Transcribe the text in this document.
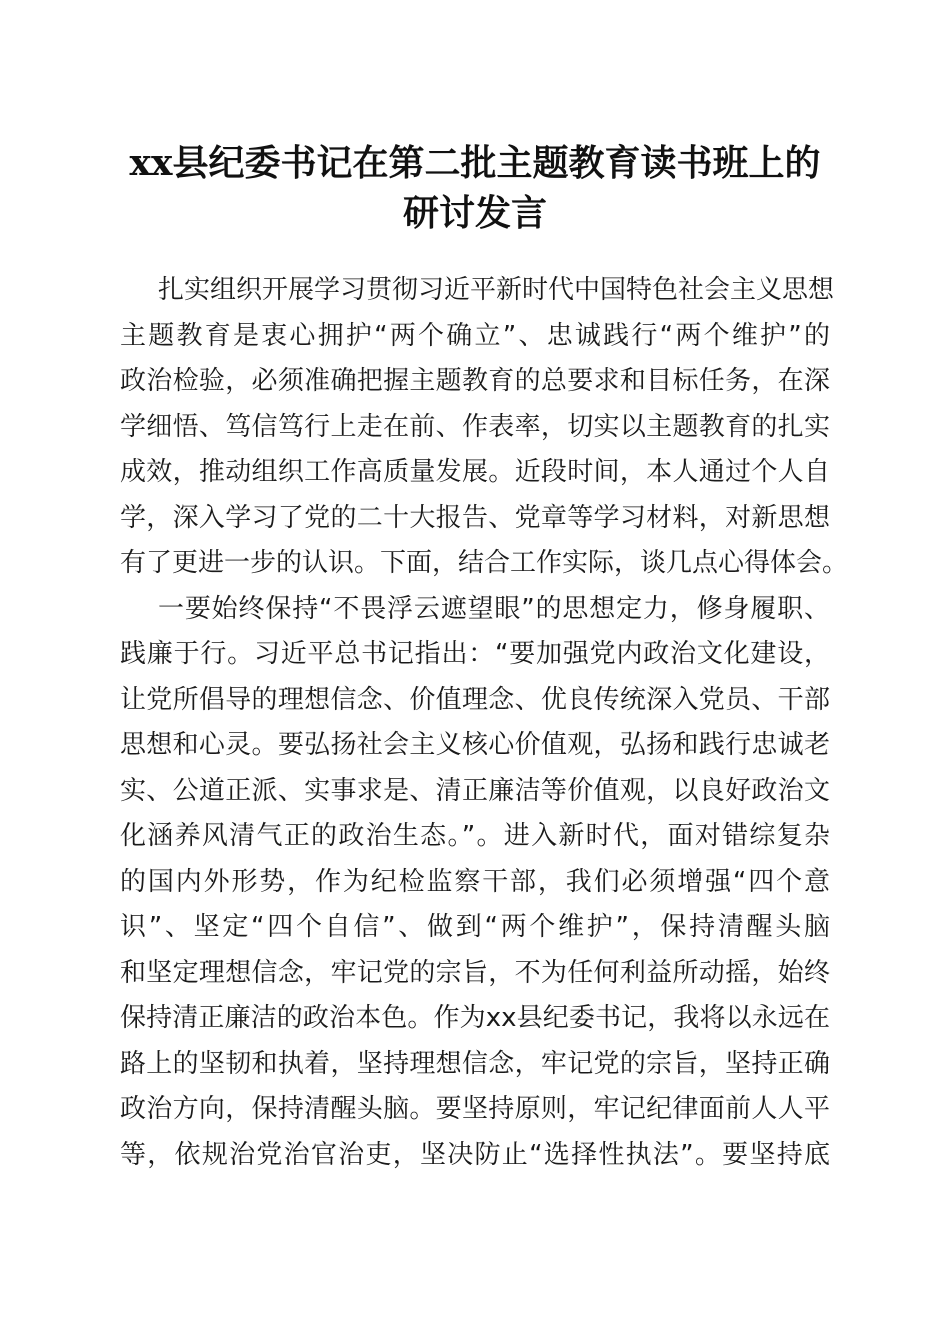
xx县纪委书记在第二批主题教育读书班上的
研讨发言
扎实组织开展学习贯彻习近平新时代中国特色社会主义思想
主题教育是衷心拥护“两个确立”、忠诚践行“两个维护”的
政治检验，必须准确把握主题教育的总要求和目标任务，在深
学细悟、笃信笃行上走在前、作表率，切实以主题教育的扎实
成效，推动组织工作高质量发展。近段时间，本人通过个人自
学，深入学习了党的二十大报告、党章等学习材料，对新思想
有了更进一步的认识。下面，结合工作实际，谈几点心得体会。
一要始终保持“不畏浮云遮望眼”的思想定力，修身履职、
践廉于行。习近平总书记指出：“要加强党内政治文化建设，
让党所倡导的理想信念、价值理念、优良传统深入党员、干部
思想和心灵。要弘扬社会主义核心价值观，弘扬和践行忠诚老
实、公道正派、实事求是、清正廉洁等价值观，以良好政治文
化涵养风清气正的政治生态。”。进入新时代，面对错综复杂
的国内外形势，作为纪检监察干部，我们必须增强“四个意
识”、坚定“四个自信”、做到“两个维护”，保持清醒头脑
和坚定理想信念，牢记党的宗旨，不为任何利益所动摇，始终
保持清正廉洁的政治本色。作为xx县纪委书记，我将以永远在
路上的坚韧和执着，坚持理想信念，牢记党的宗旨，坚持正确
政治方向，保持清醒头脑。要坚持原则，牢记纪律面前人人平
等，依规治党治官治吏，坚决防止“选择性执法”。要坚持底
